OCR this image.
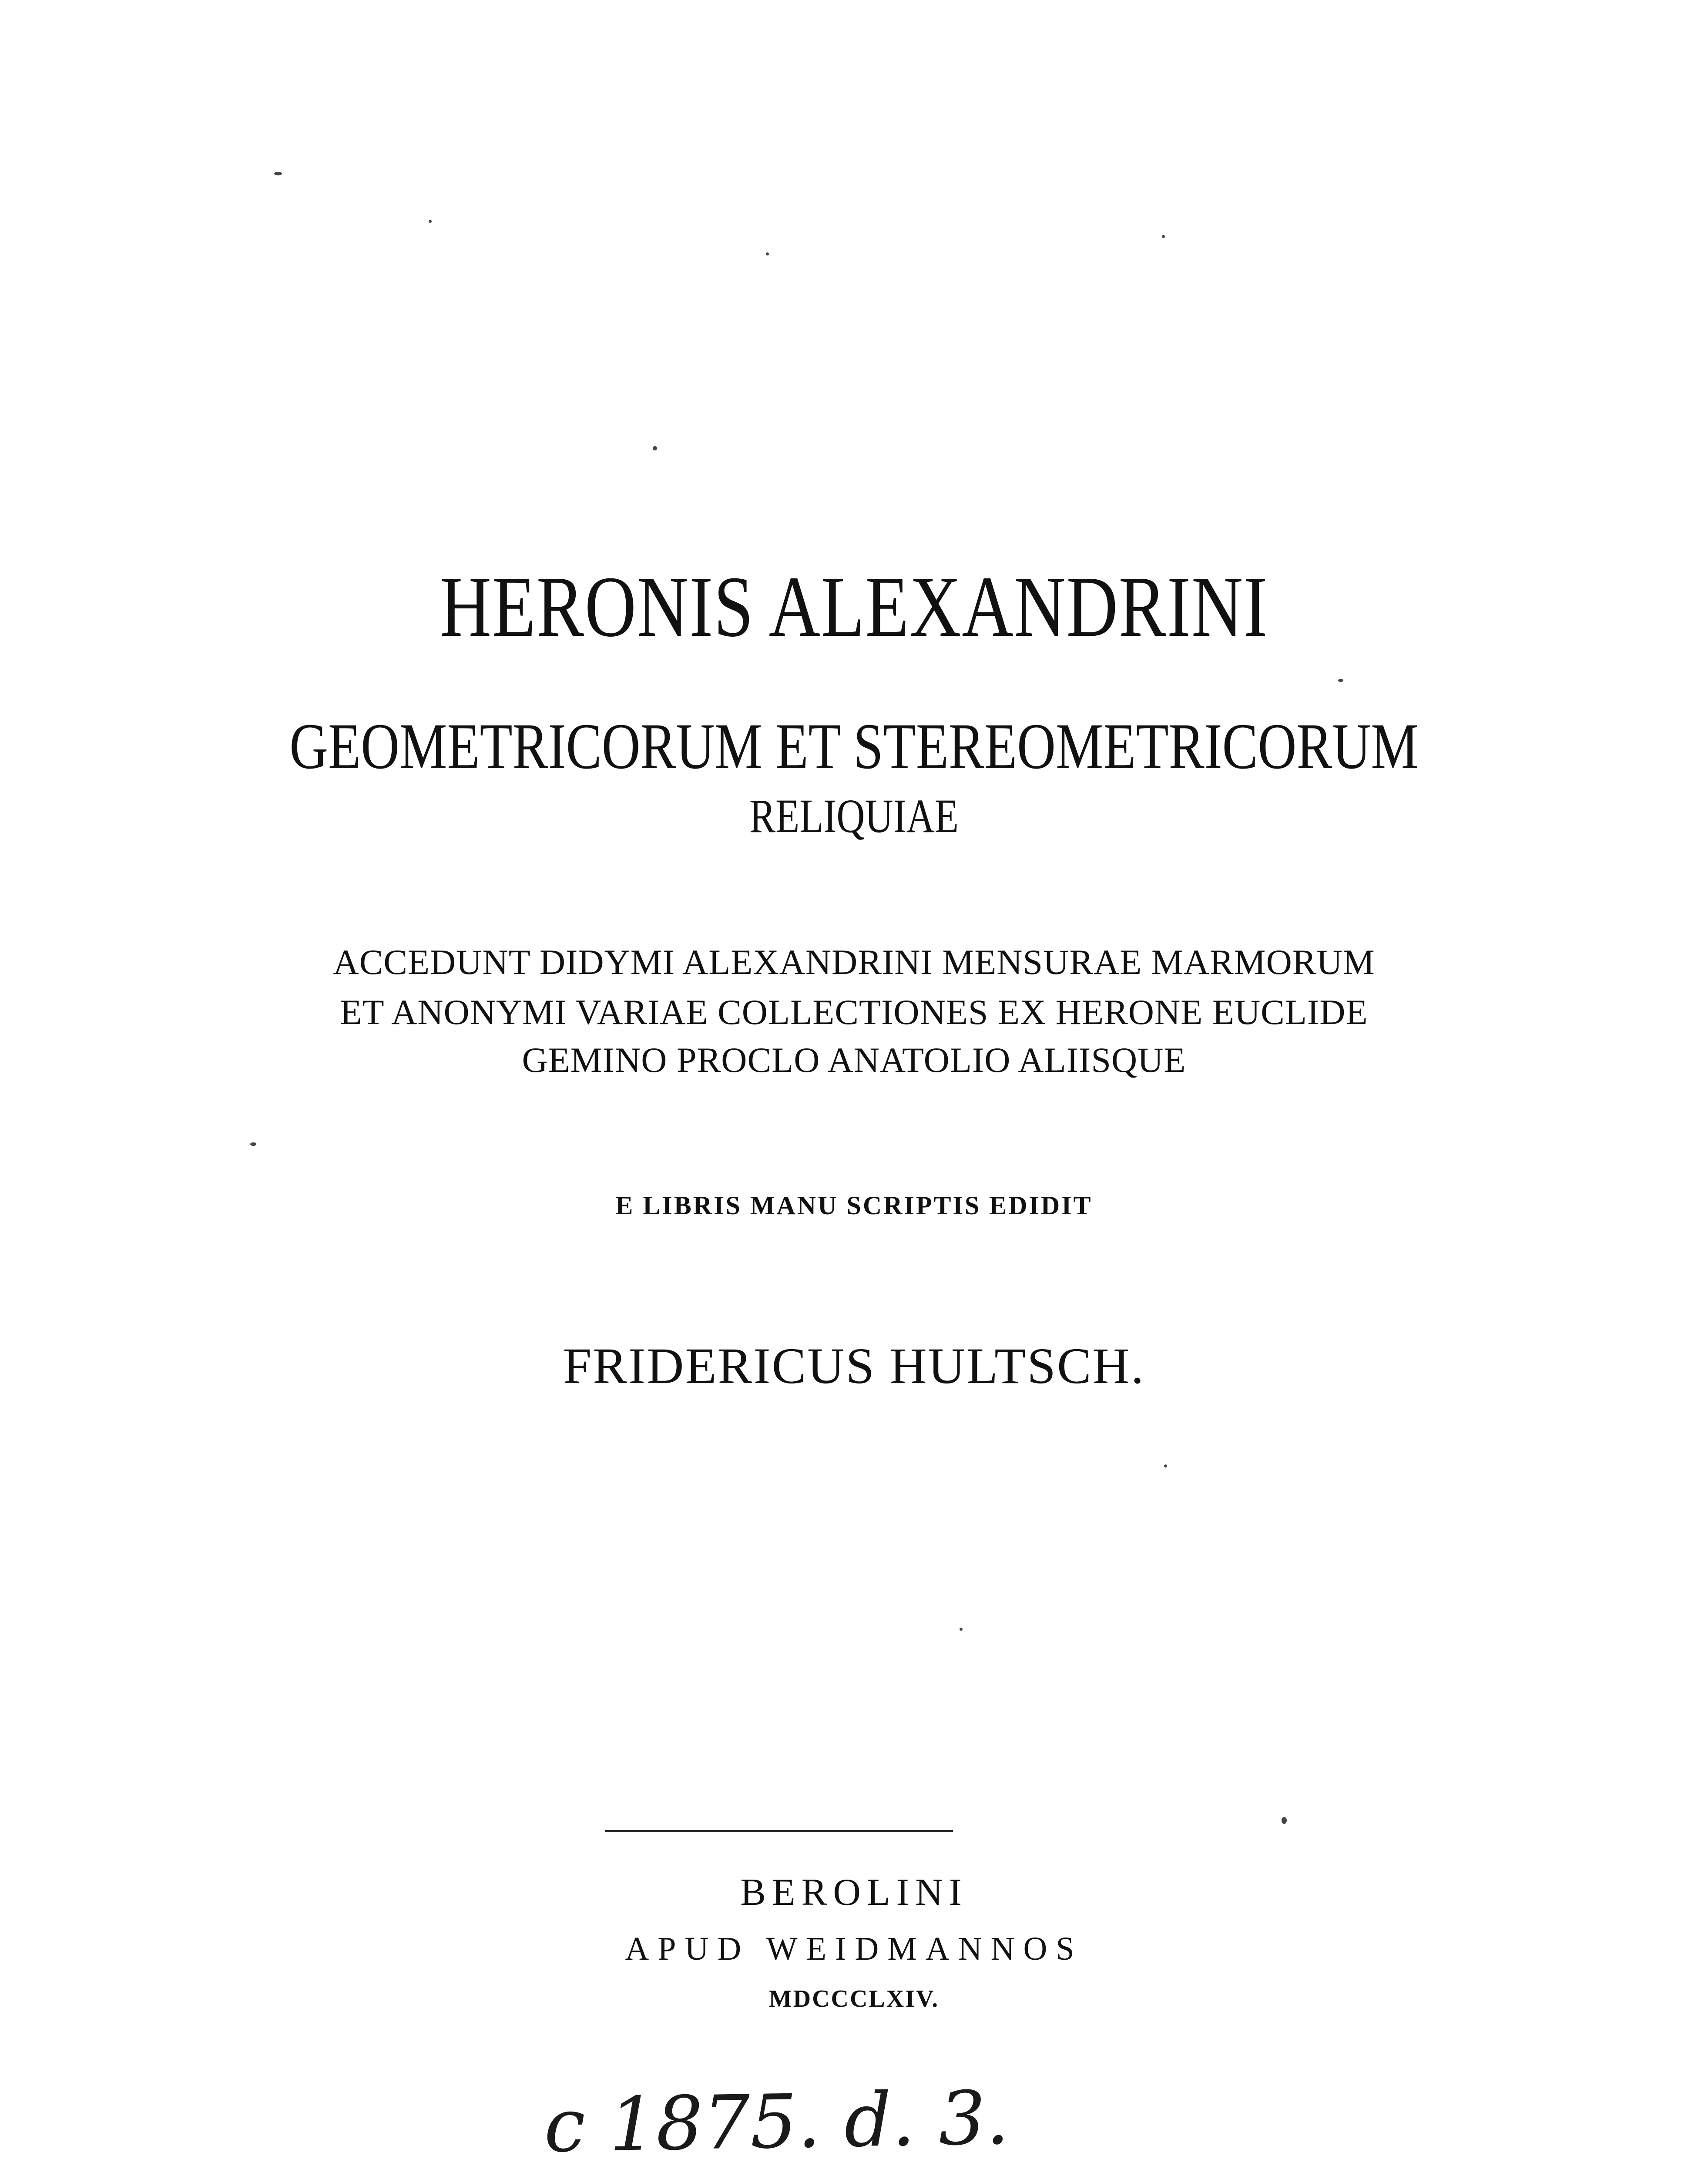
HERONIS ALEXANDRINI
GEOMETRICORUM ET STEREOMETRICORUM
RELIQUIAE
ACCEDUNT DIDYMI ALEXANDRINI MENSURAE MARMORUM
ET ANONYMI VARIAE COLLECTIONES EX HERONE EUCLIDE
GEMINO PROCLO ANATOLIO ALIISQUE
E LIBRIS MANU SCRIPTIS EDIDIT
FRIDERICUS HULTSCH.
BEROLINI
APUD WEIDMANNOS
MDCCCLXIV.
c 1875. d. 3.
